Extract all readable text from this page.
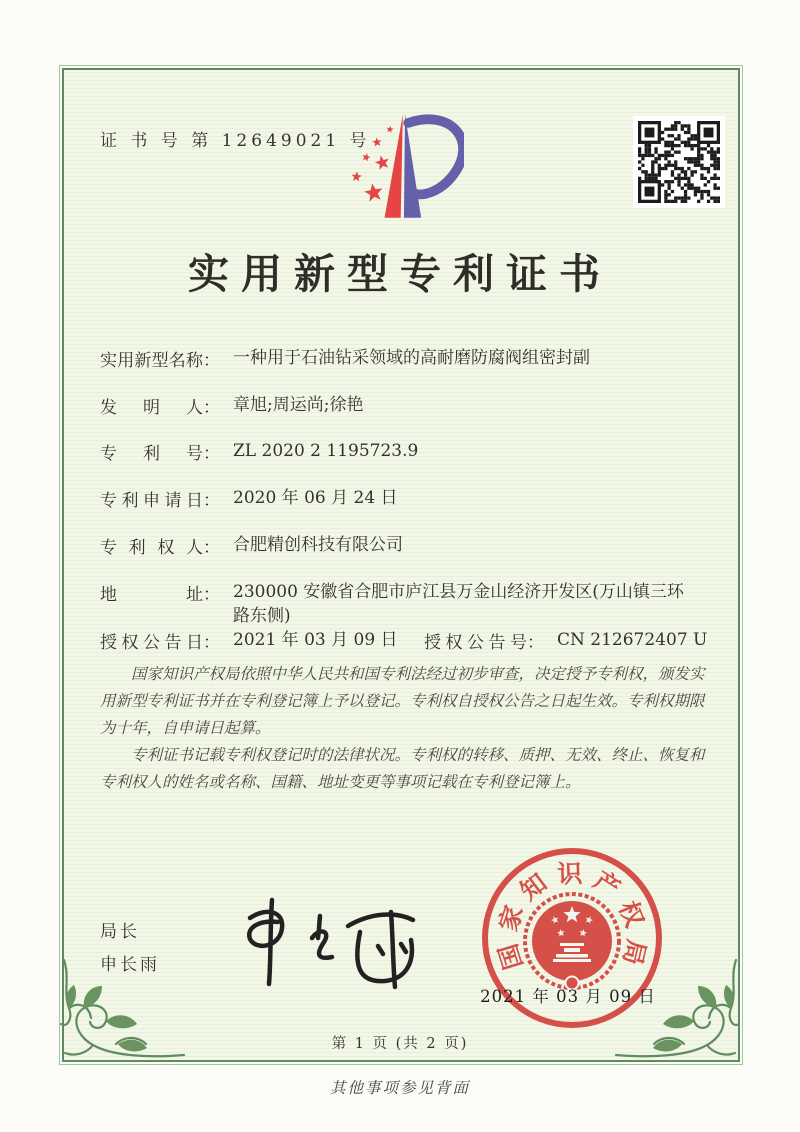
证 书 号 第 12649021 号
实用新型专利证书
实用新型名称 ： 一种用于石油钻采领域的高耐磨防腐阀组密封副
发明人 ： 章旭;周运尚;徐艳
专利号 ： ZL 2020 2 1195723.9
专利申请日 ： 2020 年 06 月 24 日
专利权人 ： 合肥精创科技有限公司
地址 ： 230000 安徽省合肥市庐江县万金山经济开发区(万山镇三环路东侧)
授权公告日 ： 2021 年 03 月 09 日 授权公告号 ： CN 212672407 U

国家知识产权局依照中华人民共和国专利法经过初步审查，决定授予专利权，颁发实用新型专利证书并在专利登记簿上予以登记。专利权自授权公告之日起生效。专利权期限为十年，自申请日起算。

专利证书记载专利权登记时的法律状况。专利权的转移、质押、无效、终止、恢复和专利权人的姓名或名称、国籍、地址变更等事项记载在专利登记簿上。

局长
申长雨	国
家
知 识 产
权
局
2021 年 03 月 09 日
第 1 页 (共 2 页)
其他事项参见背面
